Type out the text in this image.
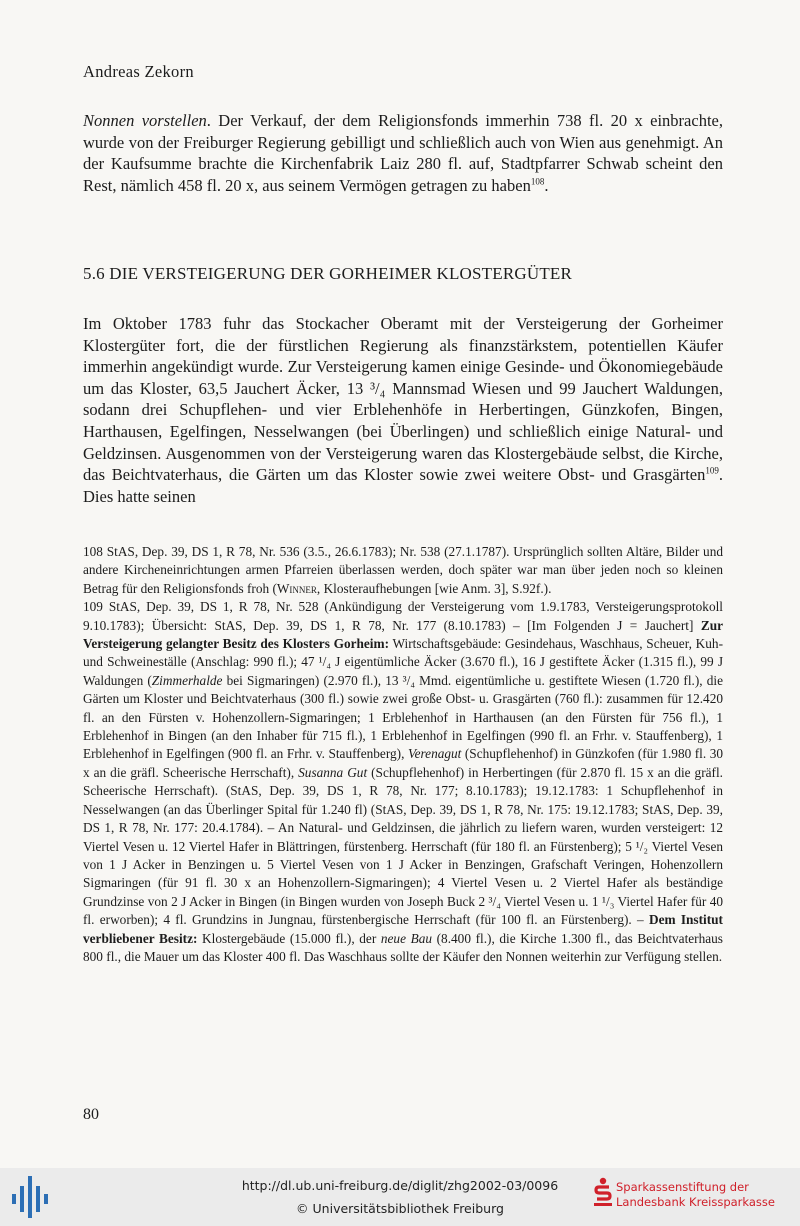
Andreas Zekorn

Nonnen vorstellen. Der Verkauf, der dem Religionsfonds immerhin 738 fl. 20 x einbrachte, wurde von der Freiburger Regierung gebilligt und schließlich auch von Wien aus genehmigt. An der Kaufsumme brachte die Kirchenfabrik Laiz 280 fl. auf, Stadtpfarrer Schwab scheint den Rest, nämlich 458 fl. 20 x, aus seinem Vermögen getragen zu haben$^{108}$.

5.6 DIE VERSTEIGERUNG DER GORHEIMER KLOSTERGÜTER

Im Oktober 1783 fuhr das Stockacher Oberamt mit der Versteigerung der Gorheimer Klostergüter fort, die der fürstlichen Regierung als finanzstärkstem, potentiellen Käufer immerhin angekündigt wurde. Zur Versteigerung kamen einige Gesinde- und Ökonomiegebäude um das Kloster, 63,5 Jauchert Äcker, 13 ³/₄ Mannsmad Wiesen und 99 Jauchert Waldungen, sodann drei Schupflehen- und vier Erblehenhöfe in Herbertingen, Günzkofen, Bingen, Harthausen, Egelfingen, Nesselwangen (bei Überlingen) und schließlich einige Natural- und Geldzinsen. Ausgenommen von der Versteigerung waren das Klostergebäude selbst, die Kirche, das Beichtvaterhaus, die Gärten um das Kloster sowie zwei weitere Obst- und Grasgärten$^{109}$. Dies hatte seinen

108 StAS, Dep. 39, DS 1, R 78, Nr. 536 (3.5., 26.6.1783); Nr. 538 (27.1.1787). Ursprünglich sollten Altäre, Bilder und andere Kircheneinrichtungen armen Pfarreien überlassen werden, doch später war man über jeden noch so kleinen Betrag für den Religionsfonds froh (Winner, Klosteraufhebungen [wie Anm. 3], S.92f.).

109 StAS, Dep. 39, DS 1, R 78, Nr. 528 (Ankündigung der Versteigerung vom 1.9.1783, Versteigerungsprotokoll 9.10.1783); Übersicht: StAS, Dep. 39, DS 1, R 78, Nr. 177 (8.10.1783) – [Im Folgenden J = Jauchert] Zur Versteigerung gelangter Besitz des Klosters Gorheim: Wirtschaftsgebäude: Gesindehaus, Waschhaus, Scheuer, Kuh- und Schweineställe (Anschlag: 990 fl.); 47 ¹/₄ J eigentümliche Äcker (3.670 fl.), 16 J gestiftete Äcker (1.315 fl.), 99 J Waldungen (Zimmerhalde bei Sigmaringen) (2.970 fl.), 13 ³/₄ Mmd. eigentümliche u. gestiftete Wiesen (1.720 fl.), die Gärten um Kloster und Beichtvaterhaus (300 fl.) sowie zwei große Obst- u. Grasgärten (760 fl.): zusammen für 12.420 fl. an den Fürsten v. Hohenzollern-Sigmaringen; 1 Erblehenhof in Harthausen (an den Fürsten für 756 fl.), 1 Erblehenhof in Bingen (an den Inhaber für 715 fl.), 1 Erblehenhof in Egelfingen (990 fl. an Frhr. v. Stauffenberg), 1 Erblehenhof in Egelfingen (900 fl. an Frhr. v. Stauffenberg), Verenagut (Schupflehenhof) in Günzkofen (für 1.980 fl. 30 x an die gräfl. Scheerische Herrschaft), Susanna Gut (Schupflehenhof) in Herbertingen (für 2.870 fl. 15 x an die gräfl. Scheerische Herrschaft). (StAS, Dep. 39, DS 1, R 78, Nr. 177; 8.10.1783); 19.12.1783: 1 Schupflehenhof in Nesselwangen (an das Überlinger Spital für 1.240 fl) (StAS, Dep. 39, DS 1, R 78, Nr. 175: 19.12.1783; StAS, Dep. 39, DS 1, R 78, Nr. 177: 20.4.1784). – An Natural- und Geldzinsen, die jährlich zu liefern waren, wurden versteigert: 12 Viertel Vesen u. 12 Viertel Hafer in Blättringen, fürstenberg. Herrschaft (für 180 fl. an Fürstenberg); 5 ¹/₂ Viertel Vesen von 1 J Acker in Benzingen u. 5 Viertel Vesen von 1 J Acker in Benzingen, Grafschaft Veringen, Hohenzollern Sigmaringen (für 91 fl. 30 x an Hohenzollern-Sigmaringen); 4 Viertel Vesen u. 2 Viertel Hafer als beständige Grundzinse von 2 J Acker in Bingen (in Bingen wurden von Joseph Buck 2 ³/₄ Viertel Vesen u. 1 ¹/₃ Viertel Hafer für 40 fl. erworben); 4 fl. Grundzins in Jungnau, fürstenbergische Herrschaft (für 100 fl. an Fürstenberg). – Dem Institut verbliebener Besitz: Klostergebäude (15.000 fl.), der neue Bau (8.400 fl.), die Kirche 1.300 fl., das Beichtvaterhaus 800 fl., die Mauer um das Kloster 400 fl. Das Waschhaus sollte der Käufer den Nonnen weiterhin zur Verfügung stellen.

80
http://dl.ub.uni-freiburg.de/diglit/zhg2002-03/0096
© Universitätsbibliothek Freiburg
Sparkassenstiftung der
Landesbank Kreissparkasse
